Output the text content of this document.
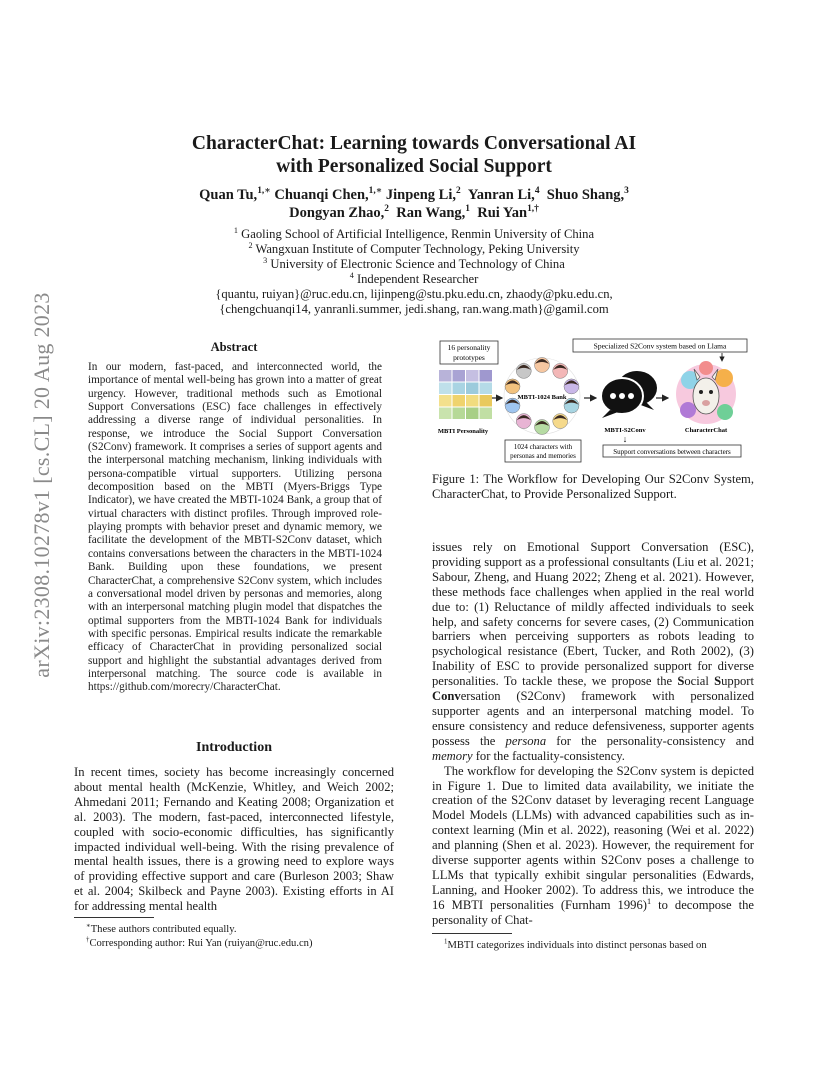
arXiv:2308.10278v1 [cs.CL] 20 Aug 2023
CharacterChat: Learning towards Conversational AI
with Personalized Social Support
Quan Tu,$^{1,∗}$ Chuanqi Chen,$^{1,∗}$ Jinpeng Li,$^2$  Yanran Li,$^4$  Shuo Shang,$^3$
Dongyan Zhao,$^2$  Ran Wang,$^1$  Rui Yan$^{1,\dagger}$
$^1$ Gaoling School of Artificial Intelligence, Renmin University of China
$^2$ Wangxuan Institute of Computer Technology, Peking University
$^3$ University of Electronic Science and Technology of China
$^4$ Independent Researcher
{quantu, ruiyan}@ruc.edu.cn, lijinpeng@stu.pku.edu.cn, zhaody@pku.edu.cn,
{chengchuanqi14, yanranli.summer, jedi.shang, ran.wang.math}@gamil.com
Abstract
In our modern, fast-paced, and interconnected world, the importance of mental well-being has grown into a matter of great urgency. However, traditional methods such as Emotional Support Conversations (ESC) face challenges in effectively addressing a diverse range of individual personalities. In response, we introduce the Social Support Conversation (S2Conv) framework. It comprises a series of support agents and the interpersonal matching mechanism, linking individuals with persona-compatible virtual supporters. Utilizing persona decomposition based on the MBTI (Myers-Briggs Type Indicator), we have created the MBTI-1024 Bank, a group that of virtual characters with distinct profiles. Through improved role-playing prompts with behavior preset and dynamic memory, we facilitate the development of the MBTI-S2Conv dataset, which contains conversations between the characters in the MBTI-1024 Bank. Building upon these foundations, we present CharacterChat, a comprehensive S2Conv system, which includes a conversational model driven by personas and memories, along with an interpersonal matching plugin model that dispatches the optimal supporters from the MBTI-1024 Bank for individuals with specific personas. Empirical results indicate the remarkable efficacy of CharacterChat in providing personalized social support and highlight the substantial advantages derived from interpersonal matching. The source code is available in https://github.com/morecry/CharacterChat.
Introduction

In recent times, society has become increasingly concerned about mental health (McKenzie, Whitley, and Weich 2002; Ahmedani 2011; Fernando and Keating 2008; Organization et al. 2003). The modern, fast-paced, interconnected lifestyle, coupled with socio-economic difficulties, has significantly impacted individual well-being. With the rising prevalence of mental health issues, there is a growing need to explore ways of providing effective support and care (Burleson 2003; Shaw et al. 2004; Skilbeck and Payne 2003). Existing efforts in AI for addressing mental health

∗These authors contributed equally.
†Corresponding author: Rui Yan (ruiyan@ruc.edu.cn)
16 personality
prototypes
MBTI Personality
MBTI-1024 Bank
1024 characters with
personas and memories
MBTI-S2Conv
↓
Specialized S2Conv system based on Llama
CharacterChat
Support conversations between characters
Figure 1: The Workflow for Developing Our S2Conv System, CharacterChat, to Provide Personalized Support.

issues rely on Emotional Support Conversation (ESC), providing support as a professional consultants (Liu et al. 2021; Sabour, Zheng, and Huang 2022; Zheng et al. 2021). However, these methods face challenges when applied in the real world due to: (1) Reluctance of mildly affected individuals to seek help, and safety concerns for severe cases, (2) Communication barriers when perceiving supporters as robots leading to psychological resistance (Ebert, Tucker, and Roth 2002), (3) Inability of ESC to provide personalized support for diverse personalities. To tackle these, we propose the Social Support Conversation (S2Conv) framework with personalized supporter agents and an interpersonal matching model. To ensure consistency and reduce defensiveness, supporter agents possess the persona for the personality-consistency and memory for the factuality-consistency.

The workflow for developing the S2Conv system is depicted in Figure 1. Due to limited data availability, we initiate the creation of the S2Conv dataset by leveraging recent Language Model Models (LLMs) with advanced capabilities such as in-context learning (Min et al. 2022), reasoning (Wei et al. 2022) and planning (Shen et al. 2023). However, the requirement for diverse supporter agents within S2Conv poses a challenge to LLMs that typically exhibit singular personalities (Edwards, Lanning, and Hooker 2002). To address this, we introduce the 16 MBTI personalities (Furnham 1996)$^1$ to decompose the personality of Chat-

$^1$MBTI categorizes individuals into distinct personas based on
